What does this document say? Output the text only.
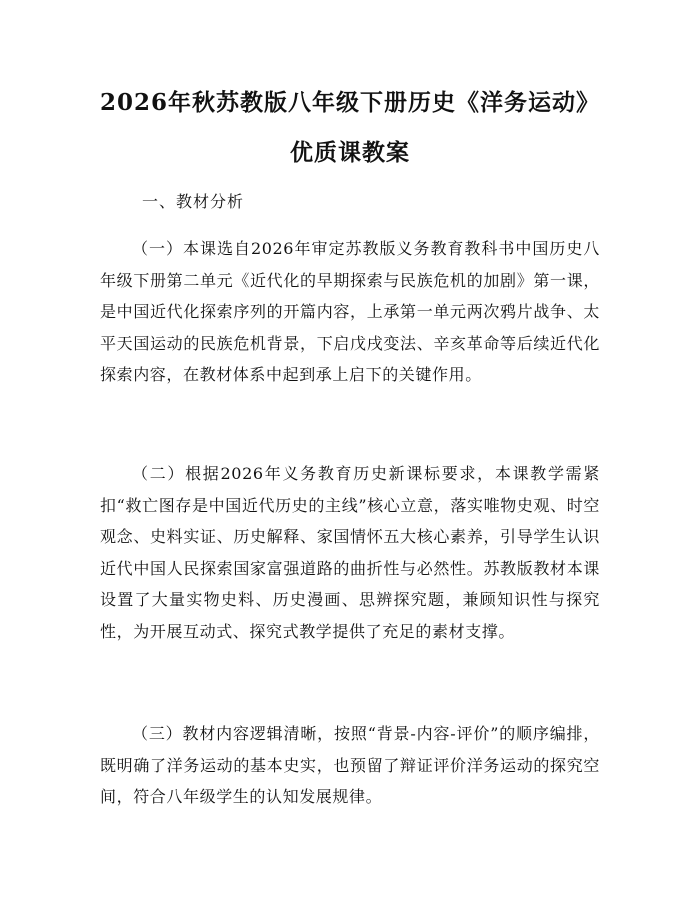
2026年秋苏教版八年级下册历史《洋务运动》优质课教案
一、教材分析
（一）本课选自2026年审定苏教版义务教育教科书中国历史八年级下册第二单元《近代化的早期探索与民族危机的加剧》第一课，是中国近代化探索序列的开篇内容，上承第一单元两次鸦片战争、太平天国运动的民族危机背景，下启戊戌变法、辛亥革命等后续近代化探索内容，在教材体系中起到承上启下的关键作用。
（二）根据2026年义务教育历史新课标要求，本课教学需紧扣“救亡图存是中国近代历史的主线”核心立意，落实唯物史观、时空观念、史料实证、历史解释、家国情怀五大核心素养，引导学生认识近代中国人民探索国家富强道路的曲折性与必然性。苏教版教材本课设置了大量实物史料、历史漫画、思辨探究题，兼顾知识性与探究性，为开展互动式、探究式教学提供了充足的素材支撑。
（三）教材内容逻辑清晰，按照“背景-内容-评价”的顺序编排，既明确了洋务运动的基本史实，也预留了辩证评价洋务运动的探究空间，符合八年级学生的认知发展规律。
